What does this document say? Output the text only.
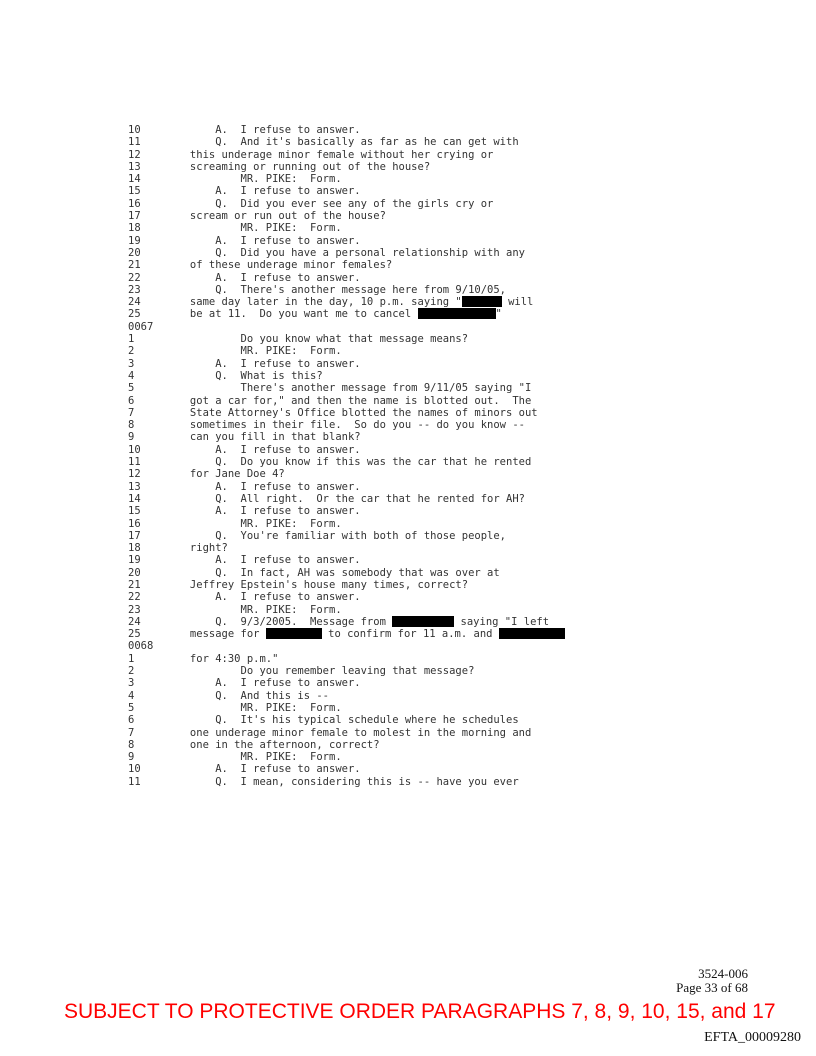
10	A.  I refuse to answer.
11	Q.  And it's basically as far as he can get with
12	this underage minor female without her crying or
13	screaming or running out of the house?
14	MR. PIKE:  Form.
15	A.  I refuse to answer.
16	Q.  Did you ever see any of the girls cry or
17	scream or run out of the house?
18	MR. PIKE:  Form.
19	A.  I refuse to answer.
20	Q.  Did you have a personal relationship with any
21	of these underage minor females?
22	A.  I refuse to answer.
23	Q.  There's another message here from 9/10/05,
24	same day later in the day, 10 p.m. saying "	will
25	be at 11.  Do you want me to cancel	"
0067
1	Do you know what that message means?
2	MR. PIKE:  Form.
3	A.  I refuse to answer.
4	Q.  What is this?
5	There's another message from 9/11/05 saying "I
6	got a car for," and then the name is blotted out.  The
7	State Attorney's Office blotted the names of minors out
8	sometimes in their file.  So do you -- do you know --
9	can you fill in that blank?
10	A.  I refuse to answer.
11	Q.  Do you know if this was the car that he rented
12	for Jane Doe 4?
13	A.  I refuse to answer.
14	Q.  All right.  Or the car that he rented for AH?
15	A.  I refuse to answer.
16	MR. PIKE:  Form.
17	Q.  You're familiar with both of those people,
18	right?
19	A.  I refuse to answer.
20	Q.  In fact, AH was somebody that was over at
21	Jeffrey Epstein's house many times, correct?
22	A.  I refuse to answer.
23	MR. PIKE:  Form.
24	Q.  9/3/2005.  Message from	saying "I left
25	message for	to confirm for 11 a.m. and
0068
1	for 4:30 p.m."
2	Do you remember leaving that message?
3	A.  I refuse to answer.
4	Q.  And this is --
5	MR. PIKE:  Form.
6	Q.  It's his typical schedule where he schedules
7	one underage minor female to molest in the morning and
8	one in the afternoon, correct?
9	MR. PIKE:  Form.
10	A.  I refuse to answer.
11	Q.  I mean, considering this is -- have you ever
3524-006
Page 33 of 68
SUBJECT TO PROTECTIVE ORDER PARAGRAPHS 7, 8, 9, 10, 15, and 17
EFTA_00009280
